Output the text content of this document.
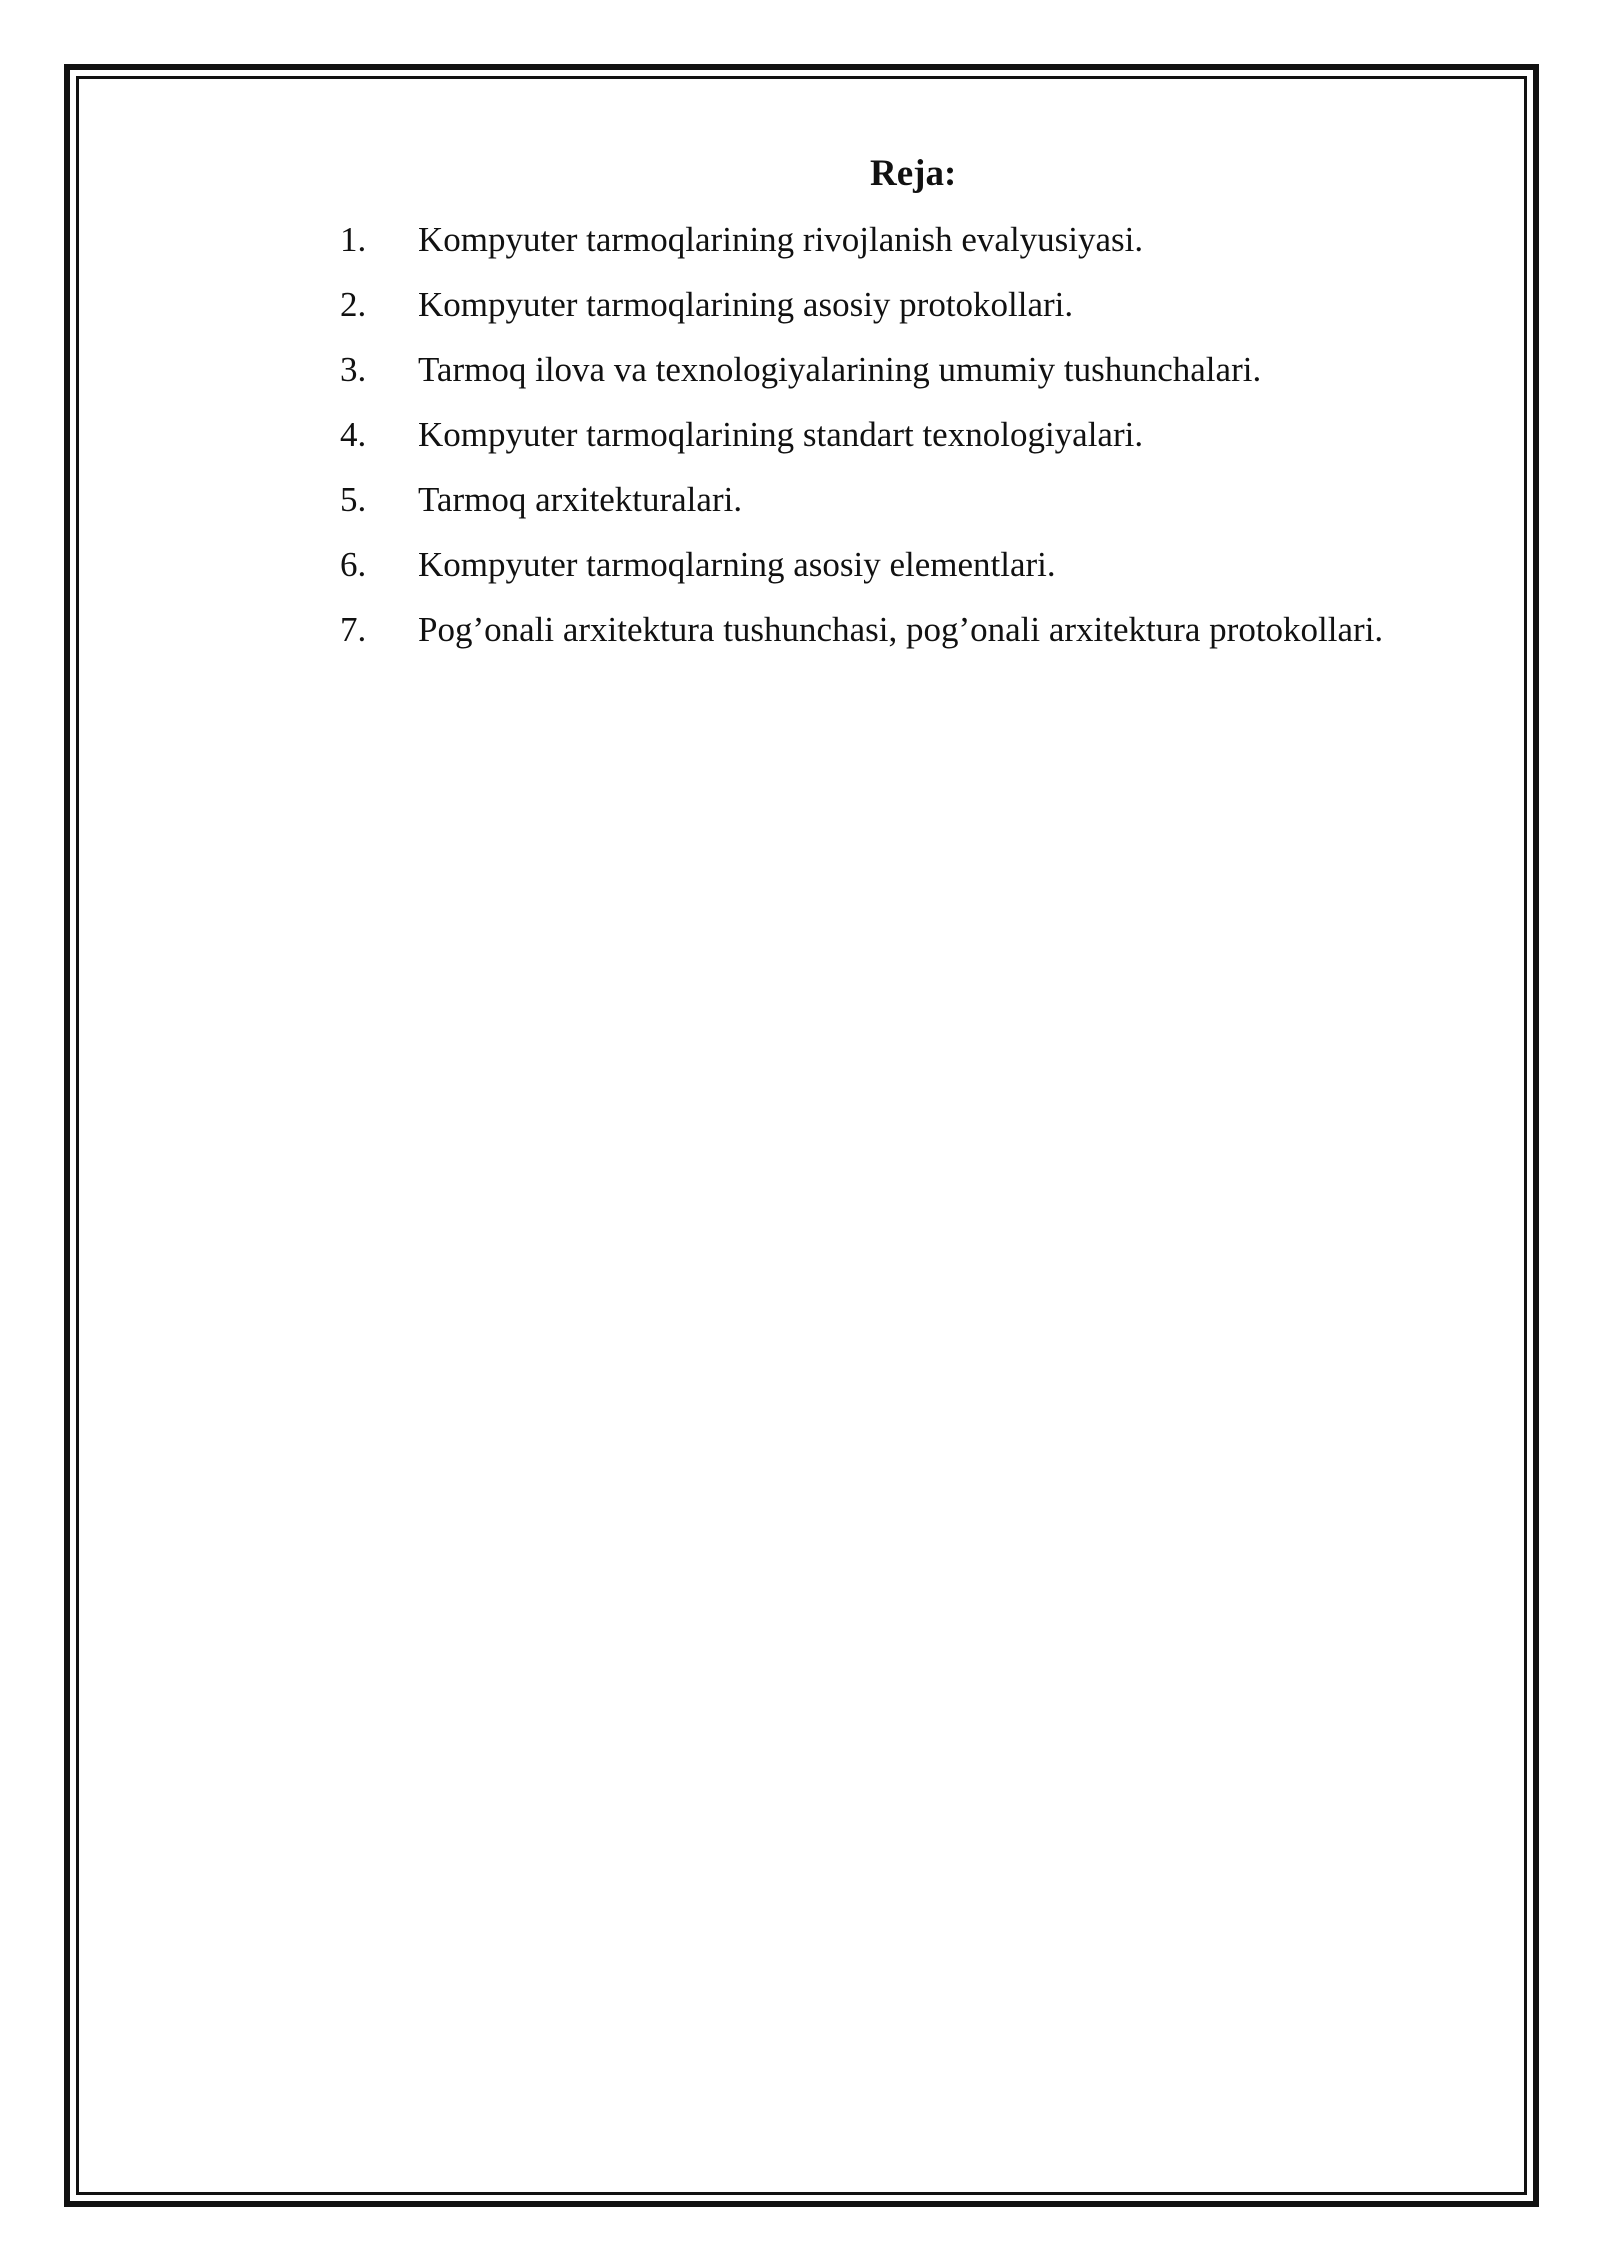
Reja:
1.	Kompyuter tarmoqlarining rivojlanish evalyusiyasi.
2.	Kompyuter tarmoqlarining asosiy protokollari.
3.	Tarmoq ilova va texnologiyalarining umumiy tushunchalari.
4.	Kompyuter tarmoqlarining standart texnologiyalari.
5.	Tarmoq arxitekturalari.
6.	Kompyuter tarmoqlarning asosiy elementlari.
7.	Pog’onali arxitektura tushunchasi, pog’onali arxitektura protokollari.
